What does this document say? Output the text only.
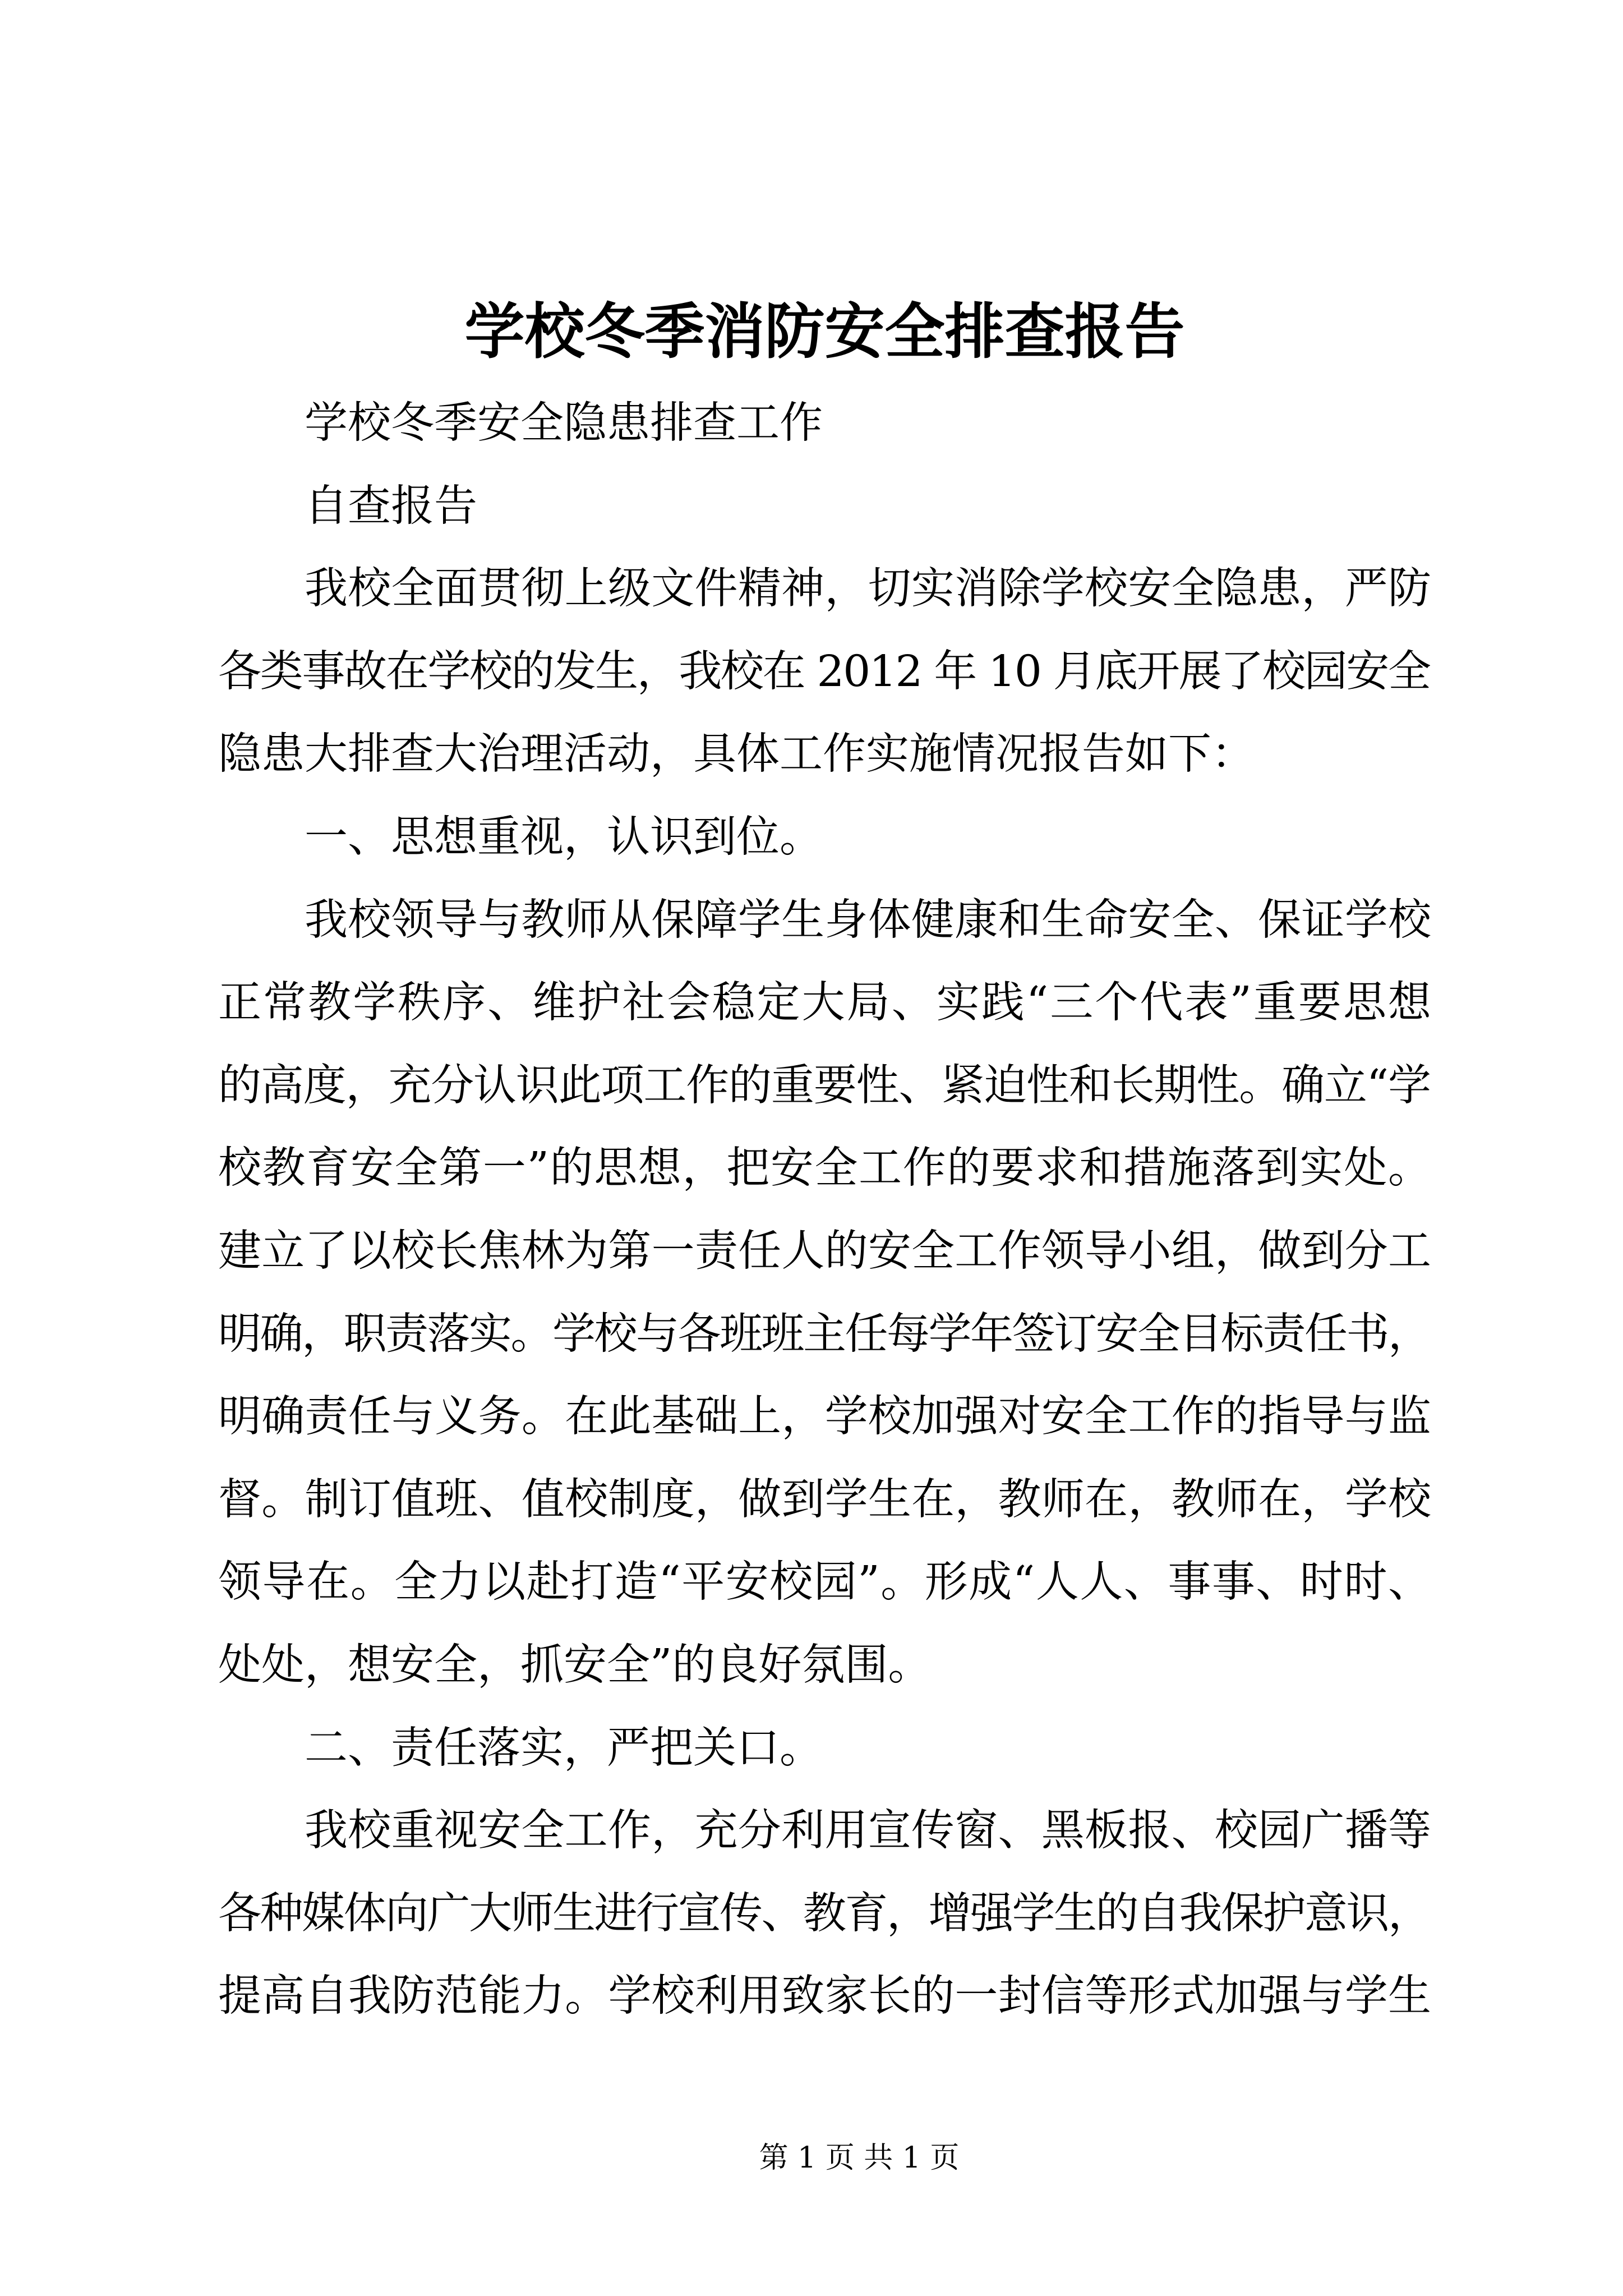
学校冬季消防安全排查报告
学校冬季安全隐患排查工作
自查报告
我校全面贯彻上级文件精神，切实消除学校安全隐患，严防
各类事故在学校的发生，我校在 2012 年 10 月底开展了校园安全
隐患大排查大治理活动，具体工作实施情况报告如下：
一、思想重视，认识到位。
我校领导与教师从保障学生身体健康和生命安全、保证学校
正常教学秩序、维护社会稳定大局、实践“三个代表”重要思想
的高度，充分认识此项工作的重要性、紧迫性和长期性。确立“学
校教育安全第一”的思想，把安全工作的要求和措施落到实处。
建立了以校长焦林为第一责任人的安全工作领导小组，做到分工
明确，职责落实。学校与各班班主任每学年签订安全目标责任书，
明确责任与义务。在此基础上，学校加强对安全工作的指导与监
督。制订值班、值校制度，做到学生在，教师在，教师在，学校
领导在。全力以赴打造“平安校园”。形成“人人、事事、时时、
处处，想安全，抓安全”的良好氛围。
二、责任落实，严把关口。
我校重视安全工作，充分利用宣传窗、黑板报、校园广播等
各种媒体向广大师生进行宣传、教育，增强学生的自我保护意识，
提高自我防范能力。学校利用致家长的一封信等形式加强与学生
第 1 页 共 1 页
